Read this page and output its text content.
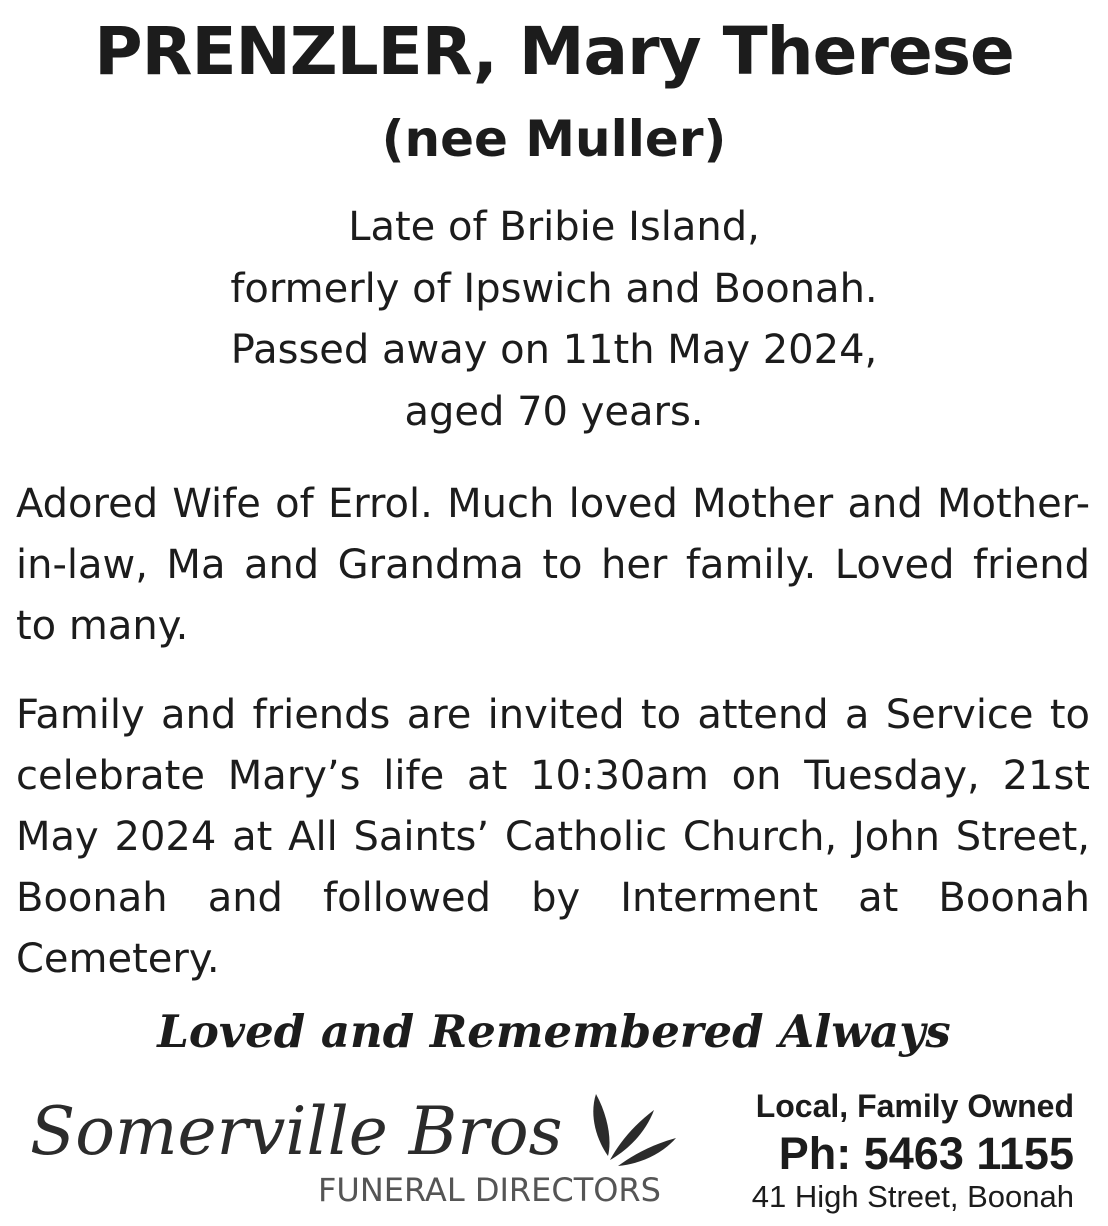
PRENZLER, Mary Therese
(nee Muller)
Late of Bribie Island,
formerly of Ipswich and Boonah.
Passed away on 11th May 2024,
aged 70 years.
Adored Wife of Errol. Much loved Mother and Mother-in-law, Ma and Grandma to her family. Loved friend to many.
Family and friends are invited to attend a Service to celebrate Mary’s life at 10:30am on Tuesday, 21st May 2024 at All Saints’ Catholic Church, John Street, Boonah and followed by Interment at Boonah Cemetery.
Loved and Remembered Always
Somerville Bros
FUNERAL DIRECTORS
Local, Family Owned
Ph: 5463 1155
41 High Street, Boonah
